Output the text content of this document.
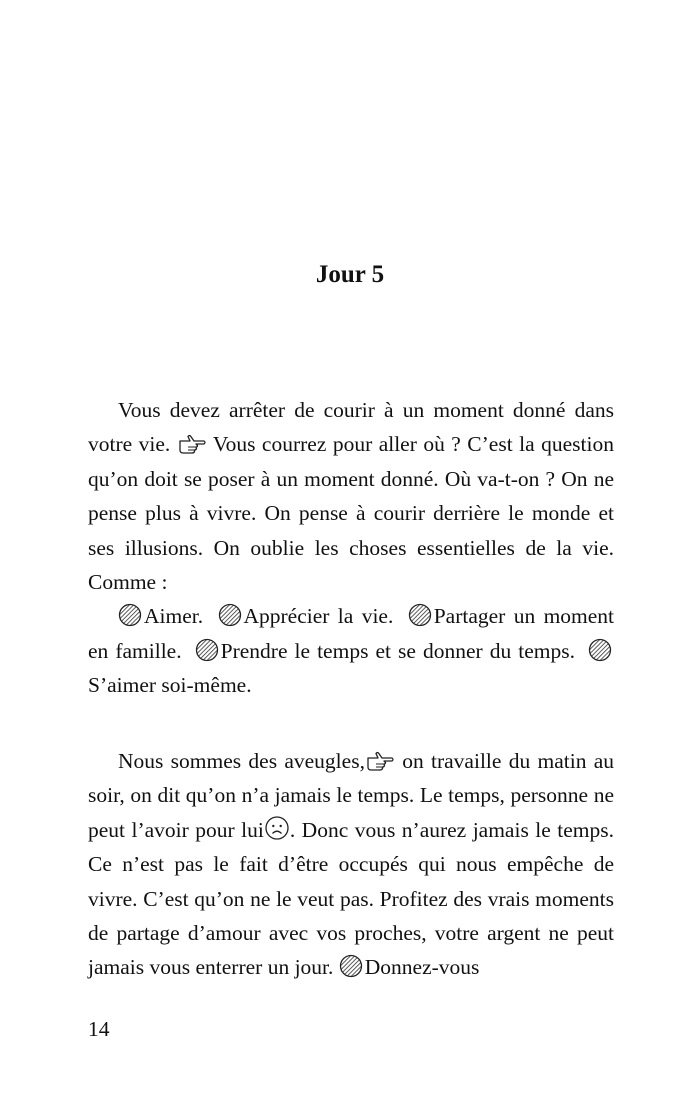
Jour 5

Vous devez arrêter de courir à un moment donné dans votre vie. Vous courrez pour aller où ? C’est la question qu’on doit se poser à un moment donné. Où va-t-on ? On ne pense plus à vivre. On pense à courir derrière le monde et ses illusions. On oublie les choses essentielles de la vie. Comme :

Aimer. Apprécier la vie. Partager un moment en famille. Prendre le temps et se donner du temps.
S’aimer soi-même.

Nous sommes des aveugles, on travaille du matin au soir, on dit qu’on n’a jamais le temps. Le temps, personne ne peut l’avoir pour lui . Donc vous n’aurez jamais le temps. Ce n’est pas le fait d’être occupés qui nous empêche de vivre. C’est qu’on ne le veut pas. Profitez des vrais moments de partage d’amour avec vos proches, votre argent ne peut jamais vous enterrer un jour. Donnez-vous

14
